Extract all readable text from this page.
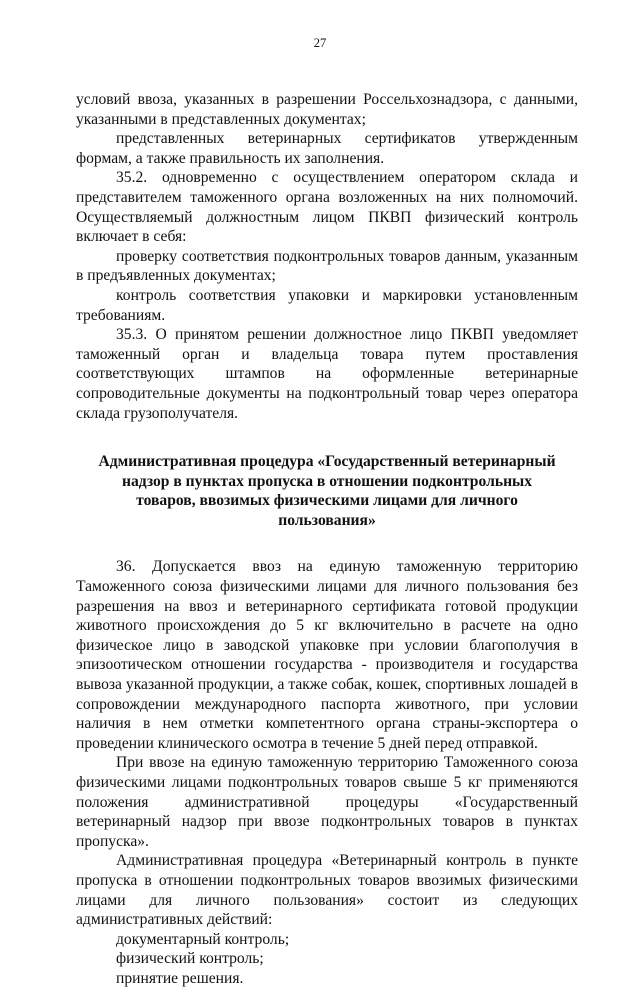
27

условий ввоза, указанных в разрешении Россельхознадзора, с данными, указанными в представленных документах;

представленных ветеринарных сертификатов утвержденным формам, а также правильность их заполнения.

35.2. одновременно с осуществлением оператором склада и представителем таможенного органа возложенных на них полномочий. Осуществляемый должностным лицом ПКВП физический контроль включает в себя:

проверку соответствия подконтрольных товаров данным, указанным в предъявленных документах;

контроль соответствия упаковки и маркировки установленным требованиям.

35.3. О принятом решении должностное лицо ПКВП уведомляет таможенный орган и владельца товара путем проставления соответствующих штампов на оформленные ветеринарные сопроводительные документы на подконтрольный товар через оператора склада грузополучателя.

Административная процедура «Государственный ветеринарный надзор в пунктах пропуска в отношении подконтрольных товаров, ввозимых физическими лицами для личного пользования»

36. Допускается ввоз на единую таможенную территорию Таможенного союза физическими лицами для личного пользования без разрешения на ввоз и ветеринарного сертификата готовой продукции животного происхождения до 5 кг включительно в расчете на одно физическое лицо в заводской упаковке при условии благополучия в эпизоотическом отношении государства - производителя и государства вывоза указанной продукции, а также собак, кошек, спортивных лошадей в сопровождении международного паспорта животного, при условии наличия в нем отметки компетентного органа страны-экспортера о проведении клинического осмотра в течение 5 дней перед отправкой.

При ввозе на единую таможенную территорию Таможенного союза физическими лицами подконтрольных товаров свыше 5 кг применяются положения административной процедуры «Государственный ветеринарный надзор при ввозе подконтрольных товаров в пунктах пропуска».

Административная процедура «Ветеринарный контроль в пункте пропуска в отношении подконтрольных товаров ввозимых физическими лицами для личного пользования» состоит из следующих административных действий:

документарный контроль;

физический контроль;

принятие решения.
